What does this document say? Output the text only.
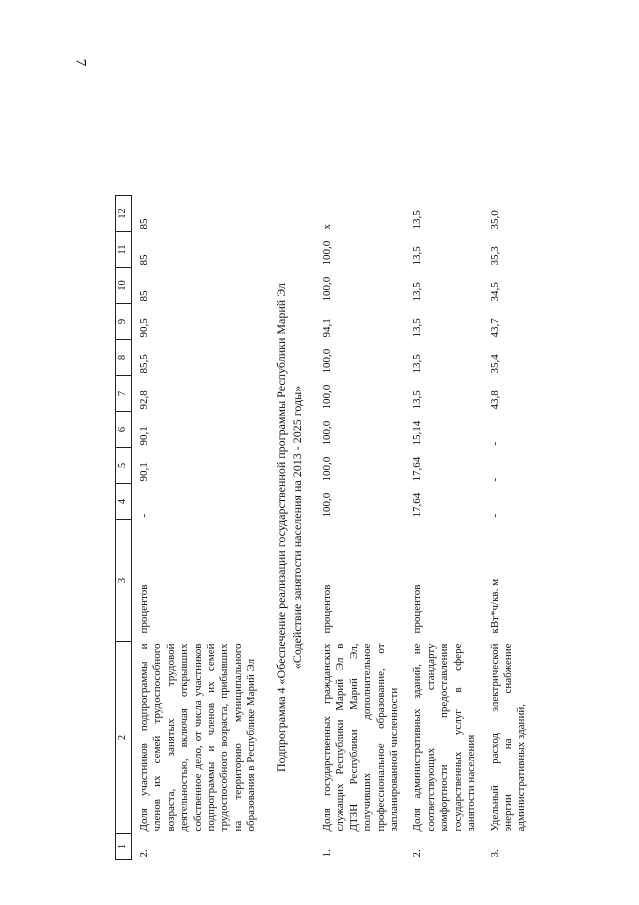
7
1	2	3	4	5	6	7	8	9	10	11	12
2.	Доля участников подпрограммы и членов их семей трудоспособного возраста, занятых трудовой деятельностью, включая открывших собственное дело, от числа участников подпрограммы и членов их семей трудоспособного возраста, прибывших на территорию муниципального образования в Республике Марий Эл	процентов	-	90,1	90,1	92,8	85,5	90,5	85	85	85

Подпрограмма 4 «Обеспечение реализации государственной программы Республики Марий Эл «Содействие занятости населения на 2013 - 2025 годы»											

1.	Доля государственных гражданских служащих Республики Марий Эл в ДТЗН Республики Марий Эл, получивших дополнительное профессиональное образование, от запланированной численности	процентов	100,0	100,0	100,0	100,0	100,0	94,1	100,0	100,0	х
2.	Доля административных зданий, не соответствующих стандарту комфортности предоставления государственных услуг в сфере занятости населения	процентов	17,64	17,64	15,14	13,5	13,5	13,5	13,5	13,5	13,5
3.	Удельный расход электрической энергии на снабжение административных зданий,	кВт*ч/кв. м	-	-	-	43,8	35,4	43,7	34,5	35,3	35,0
